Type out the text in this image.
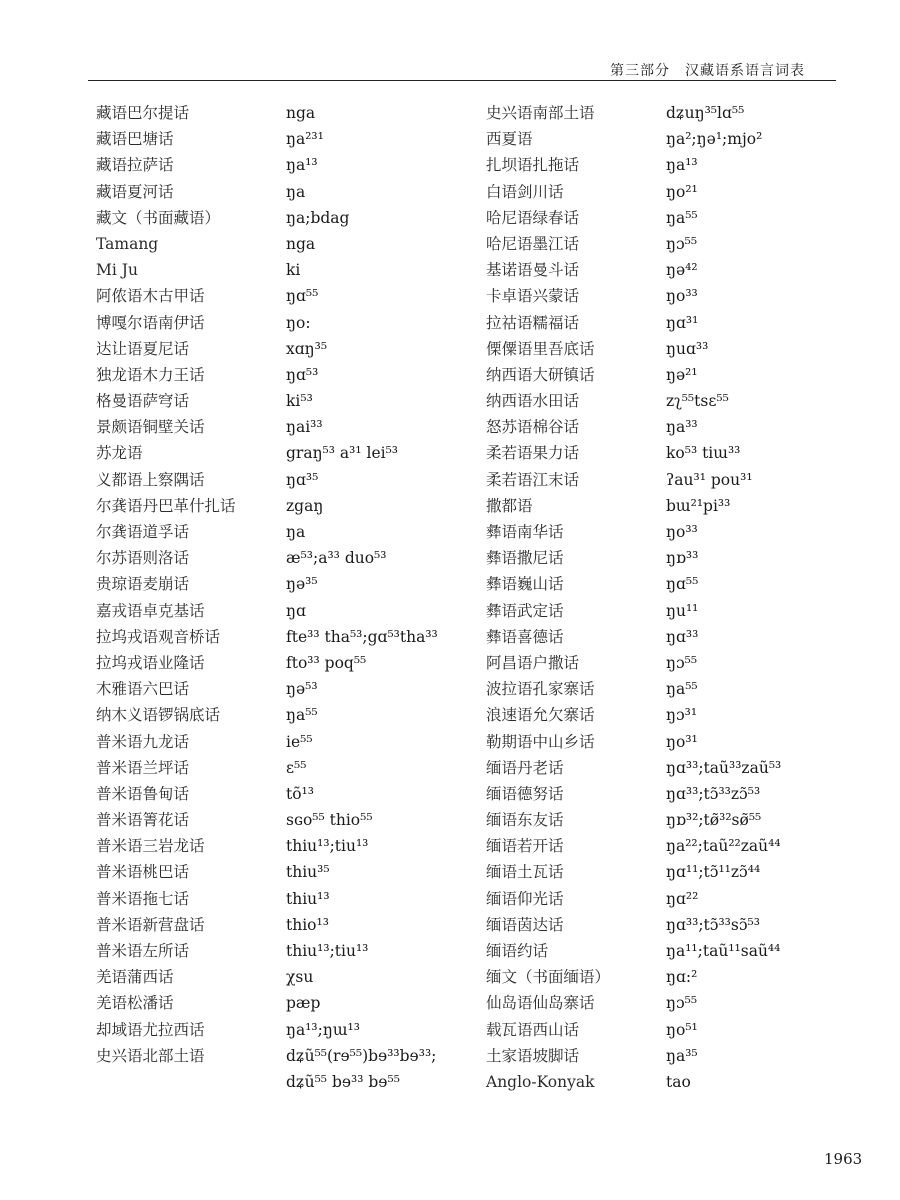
第三部分　汉藏语系语言词表
藏语巴尔提话	nga
藏语巴塘话	ŋa²³¹
藏语拉萨话	ŋa¹³
藏语夏河话	ŋa
藏文（书面藏语）	ŋa;bdag
Tamang	nga
Mi Ju	ki
阿侬语木古甲话	ŋɑ⁵⁵
博嘎尔语南伊话	ŋo:
达让语夏尼话	xɑŋ³⁵
独龙语木力王话	ŋɑ⁵³
格曼语萨穹话	ki⁵³
景颇语铜壁关话	ŋai³³
苏龙语	graŋ⁵³ a³¹ lei⁵³
义都语上察隅话	ŋɑ³⁵
尔龚语丹巴革什扎话	zgaŋ
尔龚语道孚话	ŋa
尔苏语则洛话	æ⁵³;a³³ duo⁵³
贵琼语麦崩话	ŋə³⁵
嘉戎语卓克基话	ŋɑ
拉坞戎语观音桥话	fte³³ tha⁵³;gɑ⁵³tha³³
拉坞戎语业隆话	fto³³ poq⁵⁵
木雅语六巴话	ŋə⁵³
纳木义语锣锅底话	ŋa⁵⁵
普米语九龙话	ie⁵⁵
普米语兰坪话	ɛ⁵⁵
普米语鲁甸话	tõ¹³
普米语箐花话	sɢo⁵⁵ thio⁵⁵
普米语三岩龙话	thiu¹³;tiu¹³
普米语桃巴话	thiu³⁵
普米语拖七话	thiu¹³
普米语新营盘话	thio¹³
普米语左所话	thiu¹³;tiu¹³
羌语蒲西话	χsu
羌语松潘话	pæp
却域语尤拉西话	ŋa¹³;ŋɯ¹³
史兴语北部土语	dʑũ⁵⁵(rɘ⁵⁵)bɘ³³bɘ³³;
dʑũ⁵⁵ bɘ³³ bɘ⁵⁵
史兴语南部土语	dʑuŋ³⁵lɑ⁵⁵
西夏语	ŋa²;ŋə¹;mjo²
扎坝语扎拖话	ŋa¹³
白语剑川话	ŋo²¹
哈尼语绿春话	ŋa⁵⁵
哈尼语墨江话	ŋɔ⁵⁵
基诺语曼斗话	ŋə⁴²
卡卓语兴蒙话	ŋo³³
拉祜语糯福话	ŋɑ³¹
傈僳语里吾底话	ŋuɑ³³
纳西语大研镇话	ŋə²¹
纳西语水田话	zʅ⁵⁵tsɛ⁵⁵
怒苏语棉谷话	ŋa³³
柔若语果力话	ko⁵³ tiɯ³³
柔若语江末话	ʔau³¹ pou³¹
撒都语	bɯ²¹pi³³
彝语南华话	ŋo³³
彝语撒尼话	ŋɒ³³
彝语巍山话	ŋɑ⁵⁵
彝语武定话	ŋu¹¹
彝语喜德话	ŋɑ³³
阿昌语户撒话	ŋɔ⁵⁵
波拉语孔家寨话	ŋa⁵⁵
浪速语允欠寨话	ŋɔ³¹
勒期语中山乡话	ŋo³¹
缅语丹老话	ŋɑ³³;taũ³³zaũ⁵³
缅语德努话	ŋɑ³³;tɔ̃³³zɔ̃⁵³
缅语东友话	ŋɒ³²;tø̃³²sø̃⁵⁵
缅语若开话	ŋa²²;taũ²²zaũ⁴⁴
缅语土瓦话	ŋɑ¹¹;tɔ̃¹¹zɔ̃⁴⁴
缅语仰光话	ŋɑ²²
缅语茵达话	ŋɑ³³;tɔ̃³³sɔ̃⁵³
缅语约话	ŋa¹¹;taũ¹¹saũ⁴⁴
缅文（书面缅语）	ŋɑ:²
仙岛语仙岛寨话	ŋɔ⁵⁵
载瓦语西山话	ŋo⁵¹
土家语坡脚话	ŋa³⁵
Anglo-Konyak	tao
1963
